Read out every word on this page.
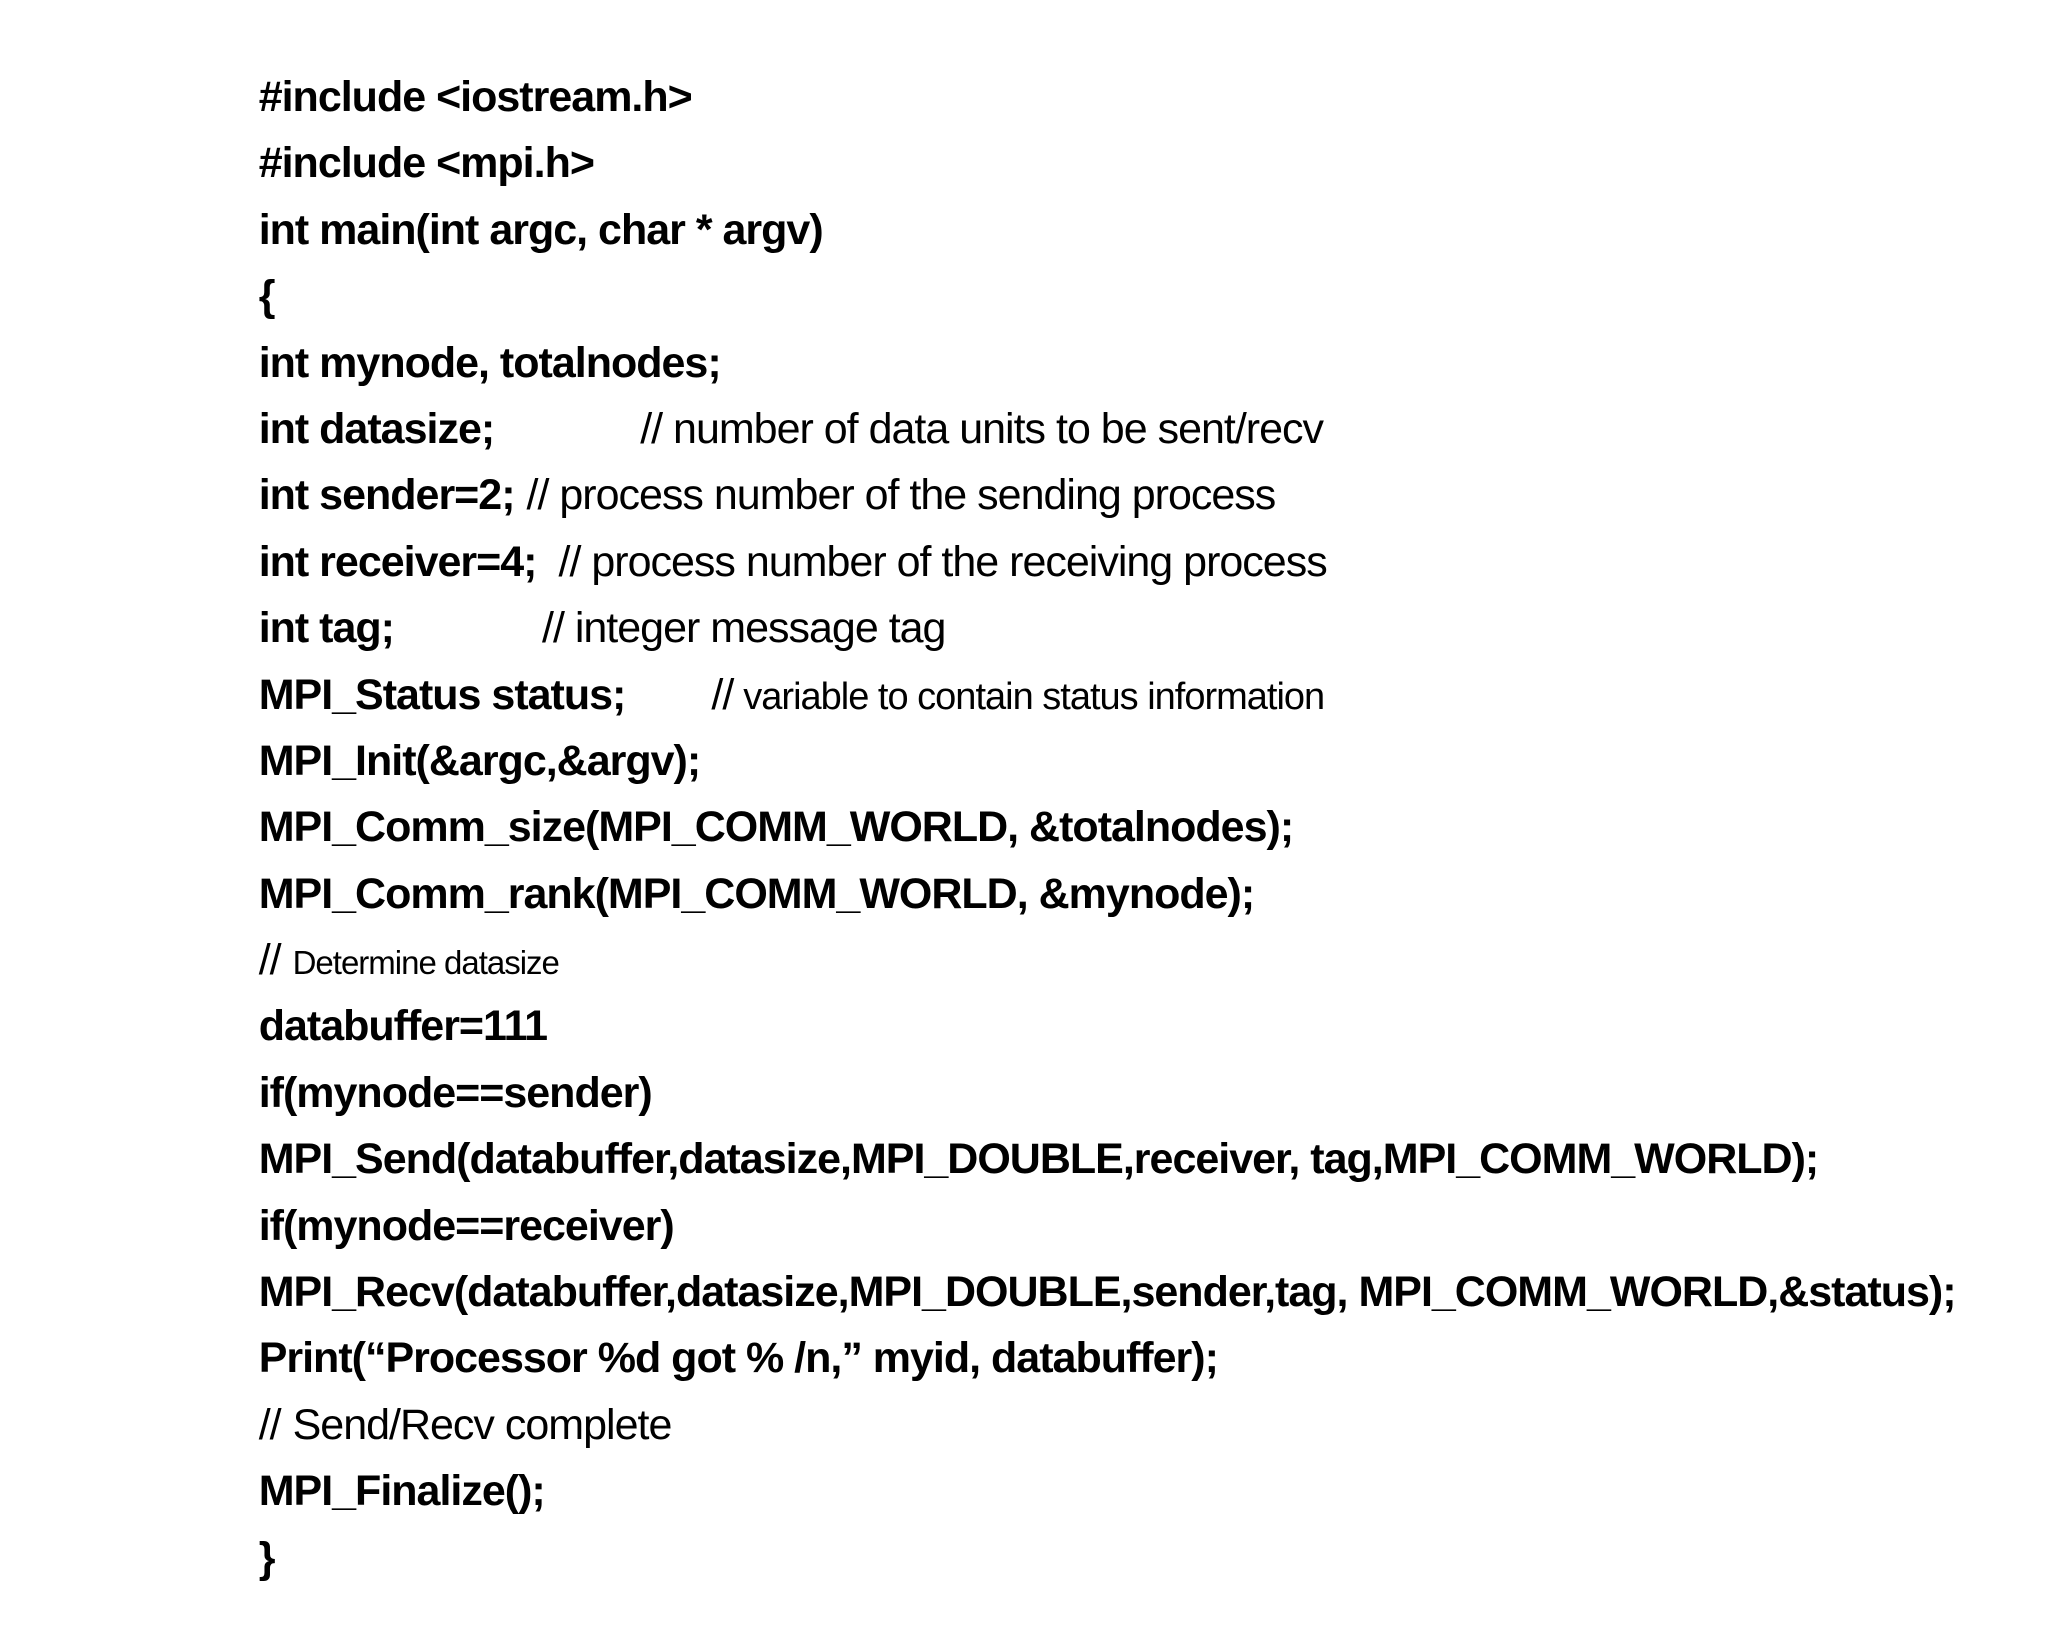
#include <iostream.h>

#include <mpi.h>

int main(int argc, char * argv)

{

int mynode, totalnodes;

int datasize;	// number of data units to be sent/recv

int sender=2; // process number of the sending process

int receiver=4; // process number of the receiving process

int tag;	// integer message tag

MPI_Status status; // variable to contain status information

MPI_Init(&argc,&argv);

MPI_Comm_size(MPI_COMM_WORLD, &totalnodes);

MPI_Comm_rank(MPI_COMM_WORLD, &mynode);

// Determine datasize

databuffer=111

if(mynode==sender)

MPI_Send(databuffer,datasize,MPI_DOUBLE,receiver, tag,MPI_COMM_WORLD);

if(mynode==receiver)

MPI_Recv(databuffer,datasize,MPI_DOUBLE,sender,tag, MPI_COMM_WORLD,&status);

Print(“Processor %d got % /n,” myid, databuffer);

// Send/Recv complete

MPI_Finalize();

}
